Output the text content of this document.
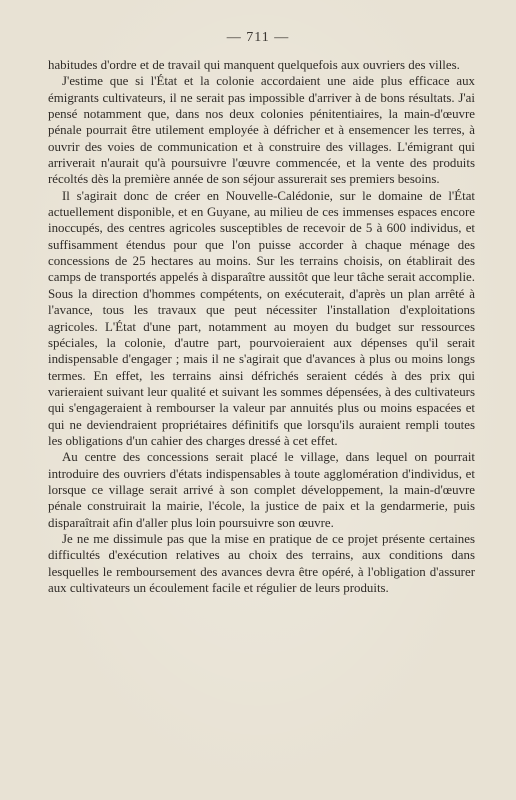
— 711 —

habitudes d'ordre et de travail qui manquent quelquefois aux ouvriers des villes.

J'estime que si l'État et la colonie accordaient une aide plus efficace aux émigrants cultivateurs, il ne serait pas impossible d'arriver à de bons résultats. J'ai pensé notamment que, dans nos deux colonies pénitentiaires, la main-d'œuvre pénale pourrait être utilement employée à défricher et à ensemencer les terres, à ouvrir des voies de communication et à construire des villages. L'émigrant qui arriverait n'aurait qu'à poursuivre l'œuvre commencée, et la vente des produits récoltés dès la première année de son séjour assurerait ses premiers besoins.

Il s'agirait donc de créer en Nouvelle-Calédonie, sur le domaine de l'État actuellement disponible, et en Guyane, au milieu de ces immenses espaces encore inoccupés, des centres agricoles susceptibles de recevoir de 5 à 600 individus, et suffisamment étendus pour que l'on puisse accorder à chaque ménage des concessions de 25 hectares au moins. Sur les terrains choisis, on établirait des camps de transportés appelés à disparaître aussitôt que leur tâche serait accomplie. Sous la direction d'hommes compétents, on exécuterait, d'après un plan arrêté à l'avance, tous les travaux que peut nécessiter l'installation d'exploitations agricoles. L'État d'une part, notamment au moyen du budget sur ressources spéciales, la colonie, d'autre part, pourvoieraient aux dépenses qu'il serait indispensable d'engager ; mais il ne s'agirait que d'avances à plus ou moins longs termes. En effet, les terrains ainsi défrichés seraient cédés à des prix qui varieraient suivant leur qualité et suivant les sommes dépensées, à des cultivateurs qui s'engageraient à rembourser la valeur par annuités plus ou moins espacées et qui ne deviendraient propriétaires définitifs que lorsqu'ils auraient rempli toutes les obligations d'un cahier des charges dressé à cet effet.

Au centre des concessions serait placé le village, dans lequel on pourrait introduire des ouvriers d'états indispensables à toute agglomération d'individus, et lorsque ce village serait arrivé à son complet développement, la main-d'œuvre pénale construirait la mairie, l'école, la justice de paix et la gendarmerie, puis disparaîtrait afin d'aller plus loin poursuivre son œuvre.

Je ne me dissimule pas que la mise en pratique de ce projet présente certaines difficultés d'exécution relatives au choix des terrains, aux conditions dans lesquelles le remboursement des avances devra être opéré, à l'obligation d'assurer aux cultivateurs un écoulement facile et régulier de leurs produits.
